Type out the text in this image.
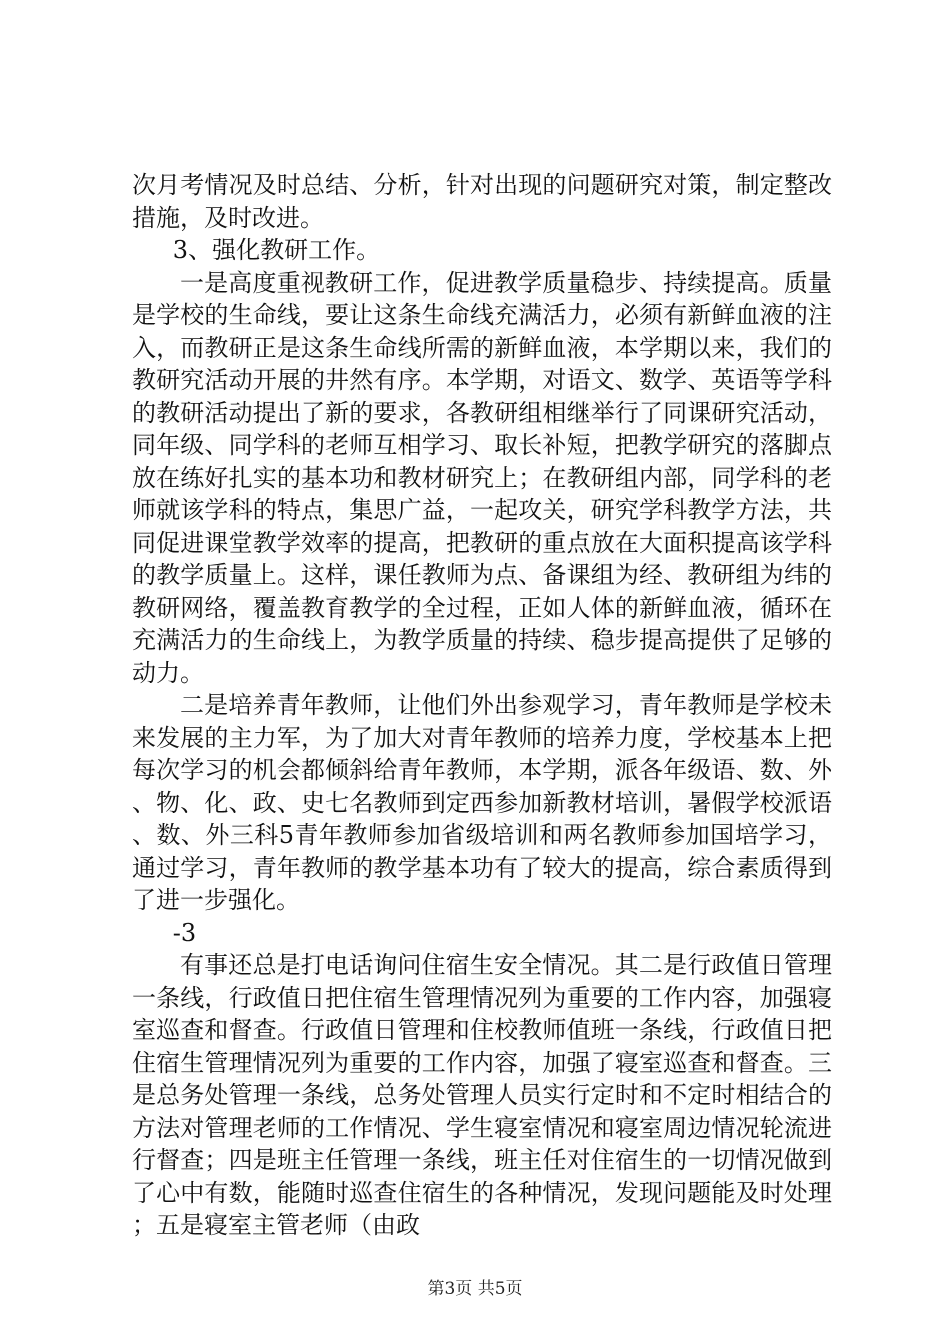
次月考情况及时总结、分析，针对出现的问题研究对策，制定整改措施，及时改进。

3、强化教研工作。

一是高度重视教研工作，促进教学质量稳步、持续提高。质量是学校的生命线，要让这条生命线充满活力，必须有新鲜血液的注入，而教研正是这条生命线所需的新鲜血液，本学期以来，我们的教研究活动开展的井然有序。本学期，对语文、数学、英语等学科的教研活动提出了新的要求，各教研组相继举行了同课研究活动，同年级、同学科的老师互相学习、取长补短，把教学研究的落脚点放在练好扎实的基本功和教材研究上；在教研组内部，同学科的老师就该学科的特点，集思广益，一起攻关，研究学科教学方法，共同促进课堂教学效率的提高，把教研的重点放在大面积提高该学科的教学质量上。这样，课任教师为点、备课组为经、教研组为纬的教研网络，覆盖教育教学的全过程，正如人体的新鲜血液，循环在充满活力的生命线上，为教学质量的持续、稳步提高提供了足够的动力。

二是培养青年教师，让他们外出参观学习，青年教师是学校未来发展的主力军，为了加大对青年教师的培养力度，学校基本上把每次学习的机会都倾斜给青年教师，本学期，派各年级语、数、外、物、化、政、史七名教师到定西参加新教材培训，暑假学校派语、数、外三科5青年教师参加省级培训和两名教师参加国培学习，通过学习，青年教师的教学基本功有了较大的提高，综合素质得到了进一步强化。

-3

有事还总是打电话询问住宿生安全情况。其二是行政值日管理一条线，行政值日把住宿生管理情况列为重要的工作内容，加强寝室巡查和督查。行政值日管理和住校教师值班一条线，行政值日把住宿生管理情况列为重要的工作内容，加强了寝室巡查和督查。三是总务处管理一条线，总务处管理人员实行定时和不定时相结合的方法对管理老师的工作情况、学生寝室情况和寝室周边情况轮流进行督查；四是班主任管理一条线，班主任对住宿生的一切情况做到了心中有数，能随时巡查住宿生的各种情况，发现问题能及时处理；五是寝室主管老师（由政

第3页 共5页
